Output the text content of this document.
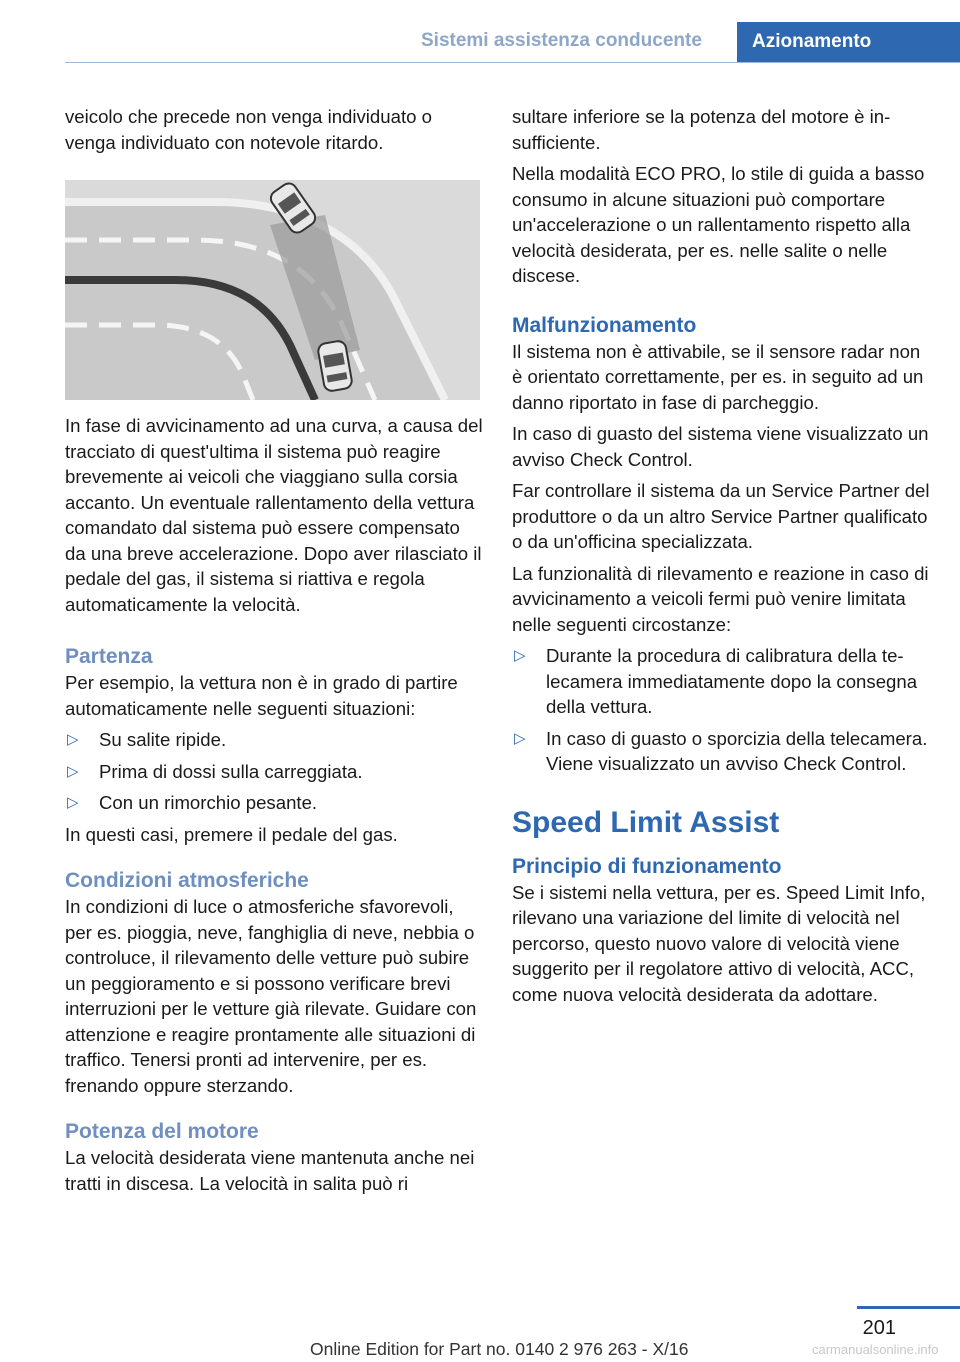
Sistemi assistenza conducente	Azionamento

veicolo che precede non venga individuato o venga individuato con notevole ritardo.

In fase di avvicinamento ad una curva, a causa del tracciato di quest'ultima il sistema può reagire brevemente ai veicoli che viaggiano sulla corsia accanto. Un eventuale rallentamento della vettura comandato dal sistema può essere compensato da una breve accelerazione. Dopo aver rilasciato il pedale del gas, il sistema si riattiva e regola automaticamente la velocità.

Partenza

Per esempio, la vettura non è in grado di partire automaticamente nelle seguenti situazioni:

▷ Su salite ripide.
▷ Prima di dossi sulla carreggiata.
▷ Con un rimorchio pesante.

In questi casi, premere il pedale del gas.

Condizioni atmosferiche

In condizioni di luce o atmosferiche sfavorevoli, per es. pioggia, neve, fanghiglia di neve, nebbia o controluce, il rilevamento delle vetture può subire un peggioramento e si possono verificare brevi interruzioni per le vetture già rilevate. Guidare con attenzione e reagire prontamente alle situazioni di traffico. Tenersi pronti ad intervenire, per es. frenando oppure sterzando.

Potenza del motore

La velocità desiderata viene mantenuta anche nei tratti in discesa. La velocità in salita può ri

sultare inferiore se la potenza del motore è insufficiente.

Nella modalità ECO PRO, lo stile di guida a basso consumo in alcune situazioni può comportare un'accelerazione o un rallentamento rispetto alla velocità desiderata, per es. nelle salite o nelle discese.

Malfunzionamento

Il sistema non è attivabile, se il sensore radar non è orientato correttamente, per es. in seguito ad un danno riportato in fase di parcheggio.

In caso di guasto del sistema viene visualizzato un avviso Check Control.

Far controllare il sistema da un Service Partner del produttore o da un altro Service Partner qualificato o da un'officina specializzata.

La funzionalità di rilevamento e reazione in caso di avvicinamento a veicoli fermi può venire limitata nelle seguenti circostanze:

▷ Durante la procedura di calibratura della telecamera immediatamente dopo la consegna della vettura.
▷ In caso di guasto o sporcizia della telecamera. Viene visualizzato un avviso Check Control.

Speed Limit Assist

Principio di funzionamento

Se i sistemi nella vettura, per es. Speed Limit Info, rilevano una variazione del limite di velocità nel percorso, questo nuovo valore di velocità viene suggerito per il regolatore attivo di velocità, ACC, come nuova velocità desiderata da adottare.

201
Online Edition for Part no. 0140 2 976 263 - X/16	carmanualsonline.info
